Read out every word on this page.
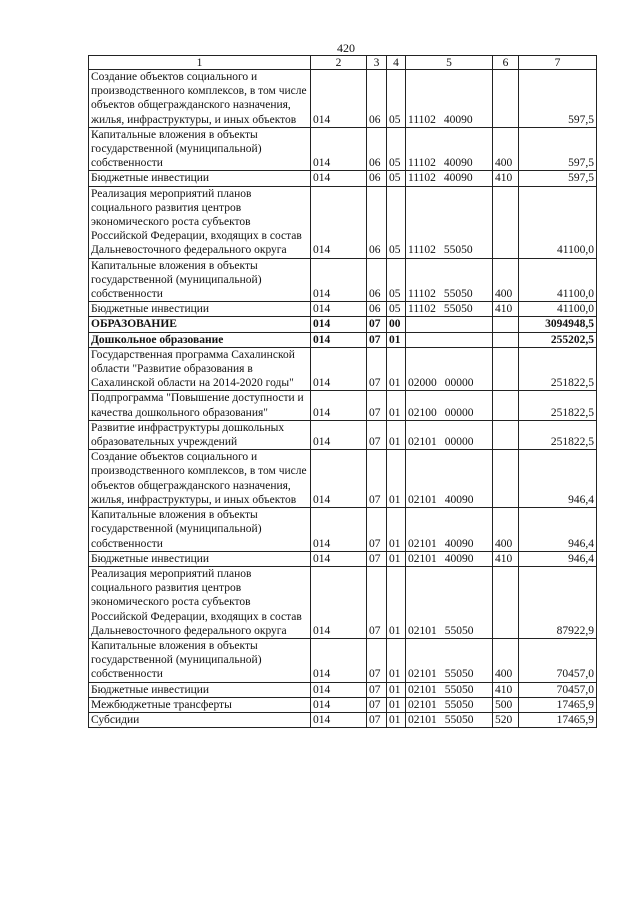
420
1	2	3	4	5	6	7
Создание объектов социального и производственного комплексов, в том числе объектов общегражданского назначения, жилья, инфраструктуры, и иных объектов	014	06	05	11102 40090		597,5
Капитальные вложения в объекты государственной (муниципальной) собственности	014	06	05	11102 40090	400	597,5
Бюджетные инвестиции	014	06	05	11102 40090	410	597,5
Реализация мероприятий планов социального развития центров экономического роста субъектов Российской Федерации, входящих в состав Дальневосточного федерального округа	014	06	05	11102 55050		41100,0
Капитальные вложения в объекты государственной (муниципальной) собственности	014	06	05	11102 55050	400	41100,0
Бюджетные инвестиции	014	06	05	11102 55050	410	41100,0
ОБРАЗОВАНИЕ	014	07	00			3094948,5
Дошкольное образование	014	07	01			255202,5
Государственная программа Сахалинской области "Развитие образования в Сахалинской области на 2014-2020 годы"	014	07	01	02000 00000		251822,5
Подпрограмма "Повышение доступности и качества дошкольного образования"	014	07	01	02100 00000		251822,5
Развитие инфраструктуры дошкольных образовательных учреждений	014	07	01	02101 00000		251822,5
Создание объектов социального и производственного комплексов, в том числе объектов общегражданского назначения, жилья, инфраструктуры, и иных объектов	014	07	01	02101 40090		946,4
Капитальные вложения в объекты государственной (муниципальной) собственности	014	07	01	02101 40090	400	946,4
Бюджетные инвестиции	014	07	01	02101 40090	410	946,4
Реализация мероприятий планов социального развития центров экономического роста субъектов Российской Федерации, входящих в состав Дальневосточного федерального округа	014	07	01	02101 55050		87922,9
Капитальные вложения в объекты государственной (муниципальной) собственности	014	07	01	02101 55050	400	70457,0
Бюджетные инвестиции	014	07	01	02101 55050	410	70457,0
Межбюджетные трансферты	014	07	01	02101 55050	500	17465,9
Субсидии	014	07	01	02101 55050	520	17465,9
